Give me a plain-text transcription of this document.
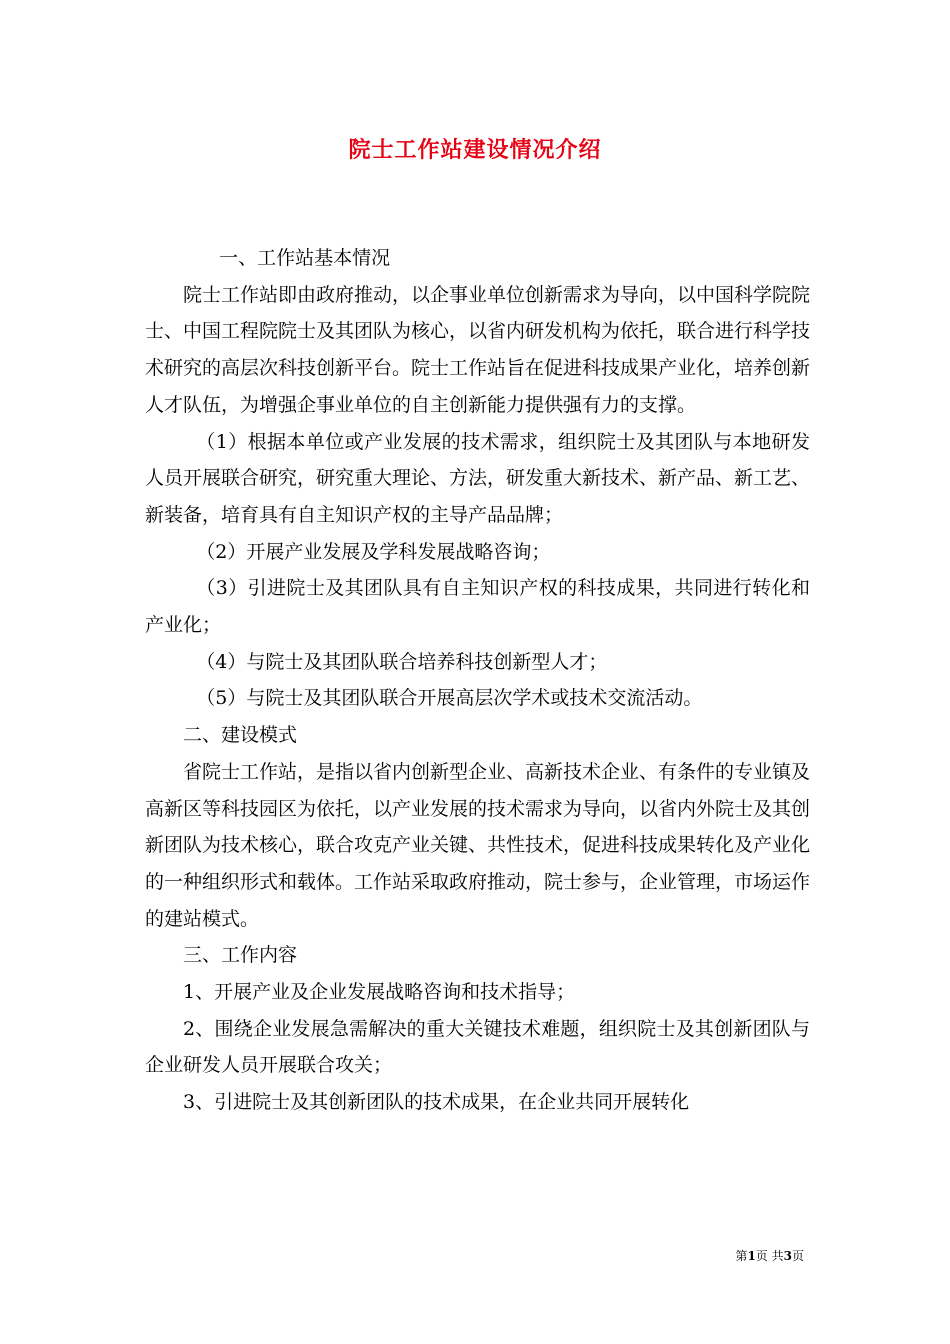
院士工作站建设情况介绍

一、工作站基本情况

院士工作站即由政府推动，以企事业单位创新需求为导向，以中国科学院院士、中国工程院院士及其团队为核心，以省内研发机构为依托，联合进行科学技术研究的高层次科技创新平台。院士工作站旨在促进科技成果产业化，培养创新人才队伍，为增强企事业单位的自主创新能力提供强有力的支撑。

（1）根据本单位或产业发展的技术需求，组织院士及其团队与本地研发人员开展联合研究，研究重大理论、方法，研发重大新技术、新产品、新工艺、新装备，培育具有自主知识产权的主导产品品牌；

（2）开展产业发展及学科发展战略咨询；

（3）引进院士及其团队具有自主知识产权的科技成果，共同进行转化和产业化；

（4）与院士及其团队联合培养科技创新型人才；

（5）与院士及其团队联合开展高层次学术或技术交流活动。

二、建设模式

省院士工作站，是指以省内创新型企业、高新技术企业、有条件的专业镇及高新区等科技园区为依托，以产业发展的技术需求为导向，以省内外院士及其创新团队为技术核心，联合攻克产业关键、共性技术，促进科技成果转化及产业化的一种组织形式和载体。工作站采取政府推动，院士参与，企业管理，市场运作的建站模式。

三、工作内容

1、开展产业及企业发展战略咨询和技术指导；

2、围绕企业发展急需解决的重大关键技术难题，组织院士及其创新团队与企业研发人员开展联合攻关；

3、引进院士及其创新团队的技术成果，在企业共同开展转化

第1页 共3页
